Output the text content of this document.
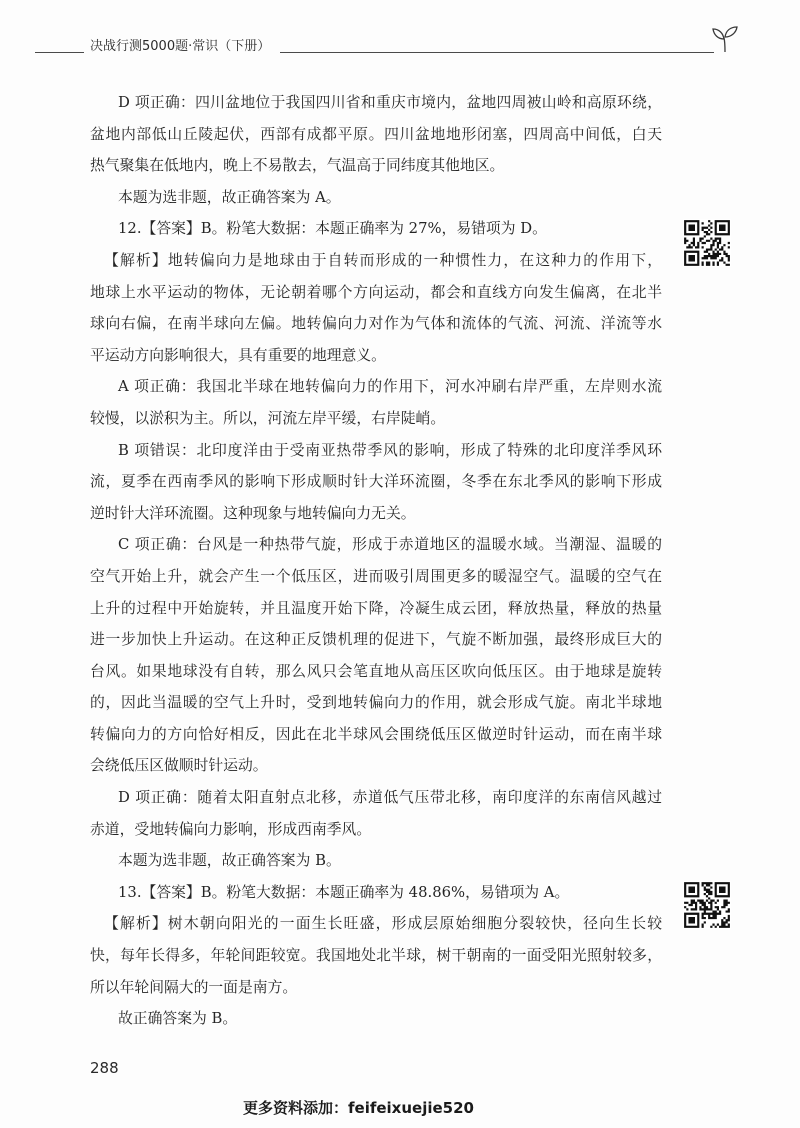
决战行测5000题·常识（下册）
D 项正确：四川盆地位于我国四川省和重庆市境内，盆地四周被山岭和高原环绕，
盆地内部低山丘陵起伏，西部有成都平原。四川盆地地形闭塞，四周高中间低，白天
热气聚集在低地内，晚上不易散去，气温高于同纬度其他地区。
本题为选非题，故正确答案为 A。
12.【答案】B。粉笔大数据：本题正确率为 27%，易错项为 D。
【解析】地转偏向力是地球由于自转而形成的一种惯性力，在这种力的作用下，
地球上水平运动的物体，无论朝着哪个方向运动，都会和直线方向发生偏离，在北半
球向右偏，在南半球向左偏。地转偏向力对作为气体和流体的气流、河流、洋流等水
平运动方向影响很大，具有重要的地理意义。
A 项正确：我国北半球在地转偏向力的作用下，河水冲刷右岸严重，左岸则水流
较慢，以淤积为主。所以，河流左岸平缓，右岸陡峭。
B 项错误：北印度洋由于受南亚热带季风的影响，形成了特殊的北印度洋季风环
流，夏季在西南季风的影响下形成顺时针大洋环流圈，冬季在东北季风的影响下形成
逆时针大洋环流圈。这种现象与地转偏向力无关。
C 项正确：台风是一种热带气旋，形成于赤道地区的温暖水域。当潮湿、温暖的
空气开始上升，就会产生一个低压区，进而吸引周围更多的暖湿空气。温暖的空气在
上升的过程中开始旋转，并且温度开始下降，冷凝生成云团，释放热量，释放的热量
进一步加快上升运动。在这种正反馈机理的促进下，气旋不断加强，最终形成巨大的
台风。如果地球没有自转，那么风只会笔直地从高压区吹向低压区。由于地球是旋转
的，因此当温暖的空气上升时，受到地转偏向力的作用，就会形成气旋。南北半球地
转偏向力的方向恰好相反，因此在北半球风会围绕低压区做逆时针运动，而在南半球
会绕低压区做顺时针运动。
D 项正确：随着太阳直射点北移，赤道低气压带北移，南印度洋的东南信风越过
赤道，受地转偏向力影响，形成西南季风。
本题为选非题，故正确答案为 B。
13.【答案】B。粉笔大数据：本题正确率为 48.86%，易错项为 A。
【解析】树木朝向阳光的一面生长旺盛，形成层原始细胞分裂较快，径向生长较
快，每年长得多，年轮间距较宽。我国地处北半球，树干朝南的一面受阳光照射较多，
所以年轮间隔大的一面是南方。
故正确答案为 B。
288
更多资料添加：feifeixuejie520
